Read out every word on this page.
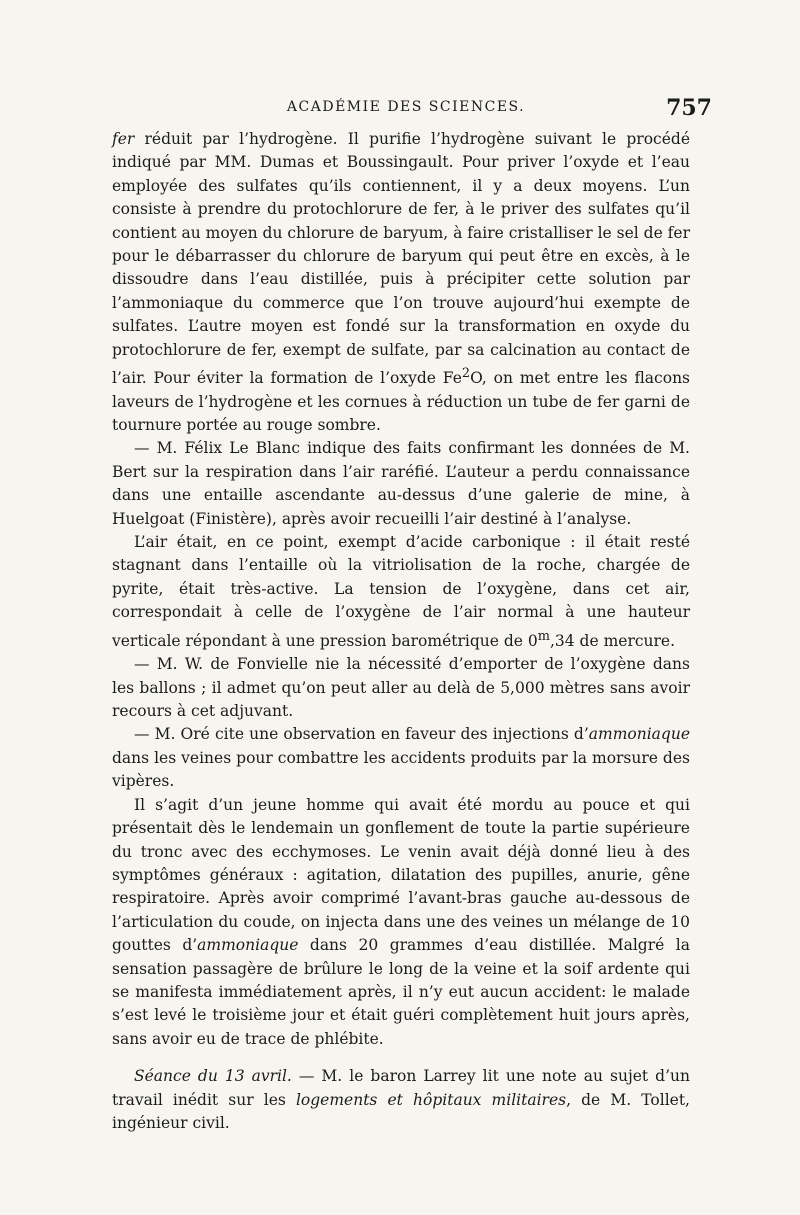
ACADÉMIE DES SCIENCES.	757

fer réduit par l’hydrogène. Il purifie l’hydrogène suivant le procédé indiqué par MM. Dumas et Boussingault. Pour priver l’oxyde et l’eau employée des sulfates qu’ils contiennent, il y a deux moyens. L’un consiste à prendre du protochlorure de fer, à le priver des sulfates qu’il contient au moyen du chlorure de baryum, à faire cristalliser le sel de fer pour le débarrasser du chlorure de baryum qui peut être en excès, à le dissoudre dans l’eau distillée, puis à précipiter cette solution par l’ammoniaque du commerce que l’on trouve aujourd’hui exempte de sulfates. L’autre moyen est fondé sur la transformation en oxyde du protochlorure de fer, exempt de sulfate, par sa calcination au contact de l’air. Pour éviter la formation de l’oxyde Fe$^2$O, on met entre les flacons laveurs de l’hydrogène et les cornues à réduction un tube de fer garni de tournure portée au rouge sombre.

— M. Félix Le Blanc indique des faits confirmant les données de M. Bert sur la respiration dans l’air raréfié. L’auteur a perdu connaissance dans une entaille ascendante au-dessus d’une galerie de mine, à Huelgoat (Finistère), après avoir recueilli l’air destiné à l’analyse.

L’air était, en ce point, exempt d’acide carbonique : il était resté stagnant dans l’entaille où la vitriolisation de la roche, chargée de pyrite, était très-active. La tension de l’oxygène, dans cet air, correspondait à celle de l’oxygène de l’air normal à une hauteur verticale répondant à une pression barométrique de 0$^m$,34 de mercure.

— M. W. de Fonvielle nie la nécessité d’emporter de l’oxygène dans les ballons ; il admet qu’on peut aller au delà de 5,000 mètres sans avoir recours à cet adjuvant.

— M. Oré cite une observation en faveur des injections d’ammoniaque dans les veines pour combattre les accidents produits par la morsure des vipères.

Il s’agit d’un jeune homme qui avait été mordu au pouce et qui présentait dès le lendemain un gonflement de toute la partie supérieure du tronc avec des ecchymoses. Le venin avait déjà donné lieu à des symptômes généraux : agitation, dilatation des pupilles, anurie, gêne respiratoire. Après avoir comprimé l’avant-bras gauche au-dessous de l’articulation du coude, on injecta dans une des veines un mélange de 10 gouttes d’ammoniaque dans 20 grammes d’eau distillée. Malgré la sensation passagère de brûlure le long de la veine et la soif ardente qui se manifesta immédiatement après, il n’y eut aucun accident: le malade s’est levé le troisième jour et était guéri complètement huit jours après, sans avoir eu de trace de phlébite.

Séance du 13 avril. — M. le baron Larrey lit une note au sujet d’un travail inédit sur les logements et hôpitaux militaires, de M. Tollet, ingénieur civil.
